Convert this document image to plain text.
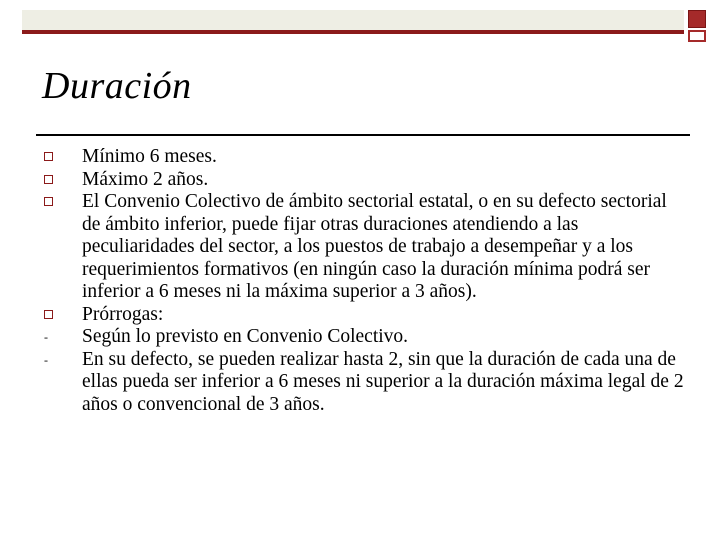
Duración
Mínimo 6 meses.
Máximo 2 años.
El Convenio Colectivo de ámbito sectorial estatal, o en su defecto sectorial de ámbito inferior, puede fijar otras duraciones atendiendo a las peculiaridades del sector, a los puestos de trabajo a desempeñar y a los requerimientos formativos (en ningún caso la duración mínima podrá ser inferior a 6 meses ni la máxima superior a 3 años).
Prórrogas:
- Según lo previsto en Convenio Colectivo.
- En su defecto, se pueden realizar hasta 2, sin que la duración de cada una de ellas pueda ser inferior a 6 meses ni superior a la duración máxima legal de 2 años o convencional de 3 años.
